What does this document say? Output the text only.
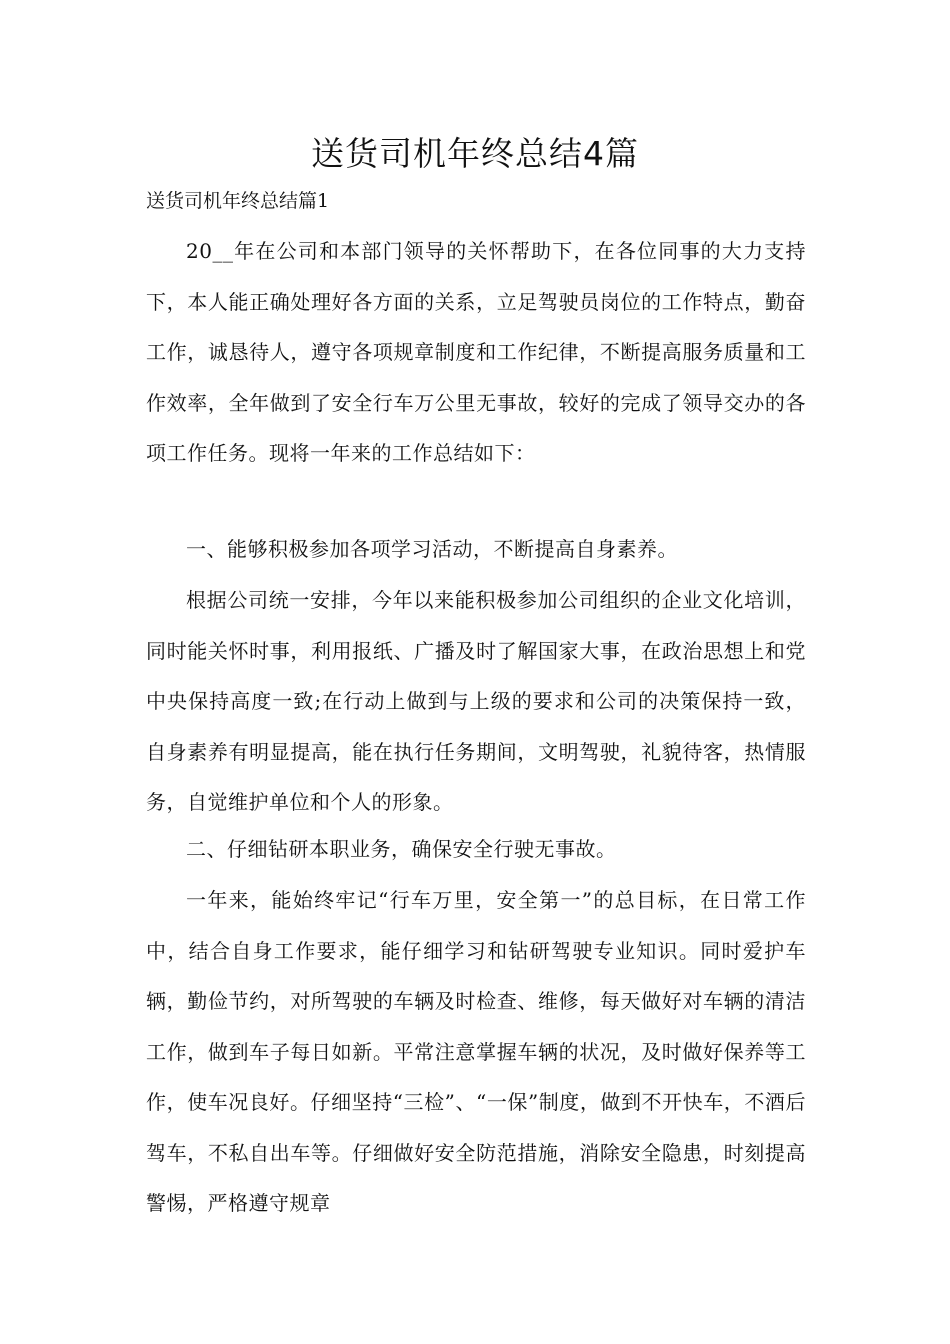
送货司机年终总结4篇

送货司机年终总结篇1

20__年在公司和本部门领导的关怀帮助下，在各位同事的大力支持下，本人能正确处理好各方面的关系，立足驾驶员岗位的工作特点，勤奋工作，诚恳待人，遵守各项规章制度和工作纪律，不断提高服务质量和工作效率，全年做到了安全行车万公里无事故，较好的完成了领导交办的各项工作任务。现将一年来的工作总结如下：

一、能够积极参加各项学习活动，不断提高自身素养。

根据公司统一安排，今年以来能积极参加公司组织的企业文化培训，同时能关怀时事，利用报纸、广播及时了解国家大事，在政治思想上和党中央保持高度一致;在行动上做到与上级的要求和公司的决策保持一致，自身素养有明显提高，能在执行任务期间，文明驾驶，礼貌待客，热情服务，自觉维护单位和个人的形象。

二、仔细钻研本职业务，确保安全行驶无事故。

一年来，能始终牢记“行车万里，安全第一”的总目标，在日常工作中，结合自身工作要求，能仔细学习和钻研驾驶专业知识。同时爱护车辆，勤俭节约，对所驾驶的车辆及时检查、维修，每天做好对车辆的清洁工作，做到车子每日如新。平常注意掌握车辆的状况，及时做好保养等工作，使车况良好。仔细坚持“三检”、“一保”制度，做到不开快车，不酒后驾车，不私自出车等。仔细做好安全防范措施，消除安全隐患，时刻提高警惕，严格遵守规章
